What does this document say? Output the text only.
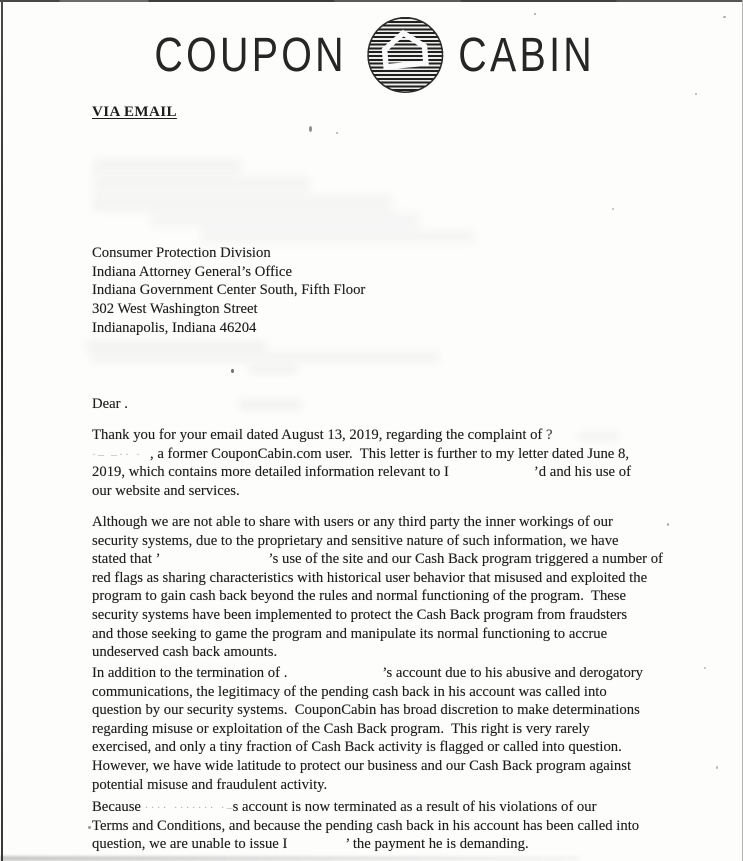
COUPON CABIN
VIA EMAIL
Consumer Protection Division
Indiana Attorney General’s Office
Indiana Government Center South, Fifth Floor
302 West Washington Street
Indianapolis, Indiana 46204
Dear .
Thank you for your email dated August 13, 2019, regarding the complaint of ?
·– –·· · , a former CouponCabin.com user.  This letter is further to my letter dated June 8,
2019, which contains more detailed information relevant to I	’d and his use of
our website and services.
Although we are not able to share with users or any third party the inner workings of our
security systems, due to the proprietary and sensitive nature of such information, we have
stated that ’	’s use of the site and our Cash Back program triggered a number of
red flags as sharing characteristics with historical user behavior that misused and exploited the
program to gain cash back beyond the rules and normal functioning of the program.  These
security systems have been implemented to protect the Cash Back program from fraudsters
and those seeking to game the program and manipulate its normal functioning to accrue
undeserved cash back amounts.
In addition to the termination of .	’s account due to his abusive and derogatory
communications, the legitimacy of the pending cash back in his account was called into
question by our security systems.  CouponCabin has broad discretion to make determinations
regarding misuse or exploitation of the Cash Back program.  This right is very rarely
exercised, and only a tiny fraction of Cash Back activity is flagged or called into question.
However, we have wide latitude to protect our business and our Cash Back program against
potential misuse and fraudulent activity.
Because ···· ······· ·–s account is now terminated as a result of his violations of our
Terms and Conditions, and because the pending cash back in his account has been called into
question, we are unable to issue I	’ the payment he is demanding.
